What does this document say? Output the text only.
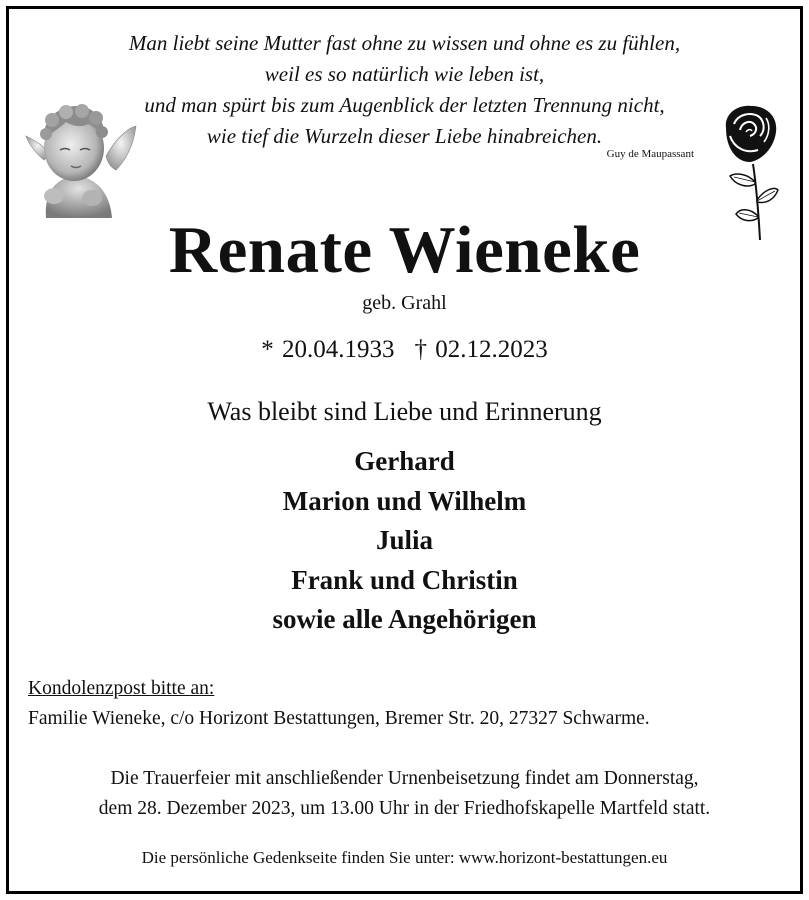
Man liebt seine Mutter fast ohne zu wissen und ohne es zu fühlen,
weil es so natürlich wie leben ist,
und man spürt bis zum Augenblick der letzten Trennung nicht,
wie tief die Wurzeln dieser Liebe hinabreichen.
Guy de Maupassant
Renate Wieneke
geb. Grahl
* 20.04.1933 † 02.12.2023
Was bleibt sind Liebe und Erinnerung
Gerhard
Marion und Wilhelm
Julia
Frank und Christin
sowie alle Angehörigen
Kondolenzpost bitte an:
Familie Wieneke, c/o Horizont Bestattungen, Bremer Str. 20, 27327 Schwarme.
Die Trauerfeier mit anschließender Urnenbeisetzung findet am Donnerstag,
dem 28. Dezember 2023, um 13.00 Uhr in der Friedhofskapelle Martfeld statt.
Die persönliche Gedenkseite finden Sie unter: www.horizont-bestattungen.eu
